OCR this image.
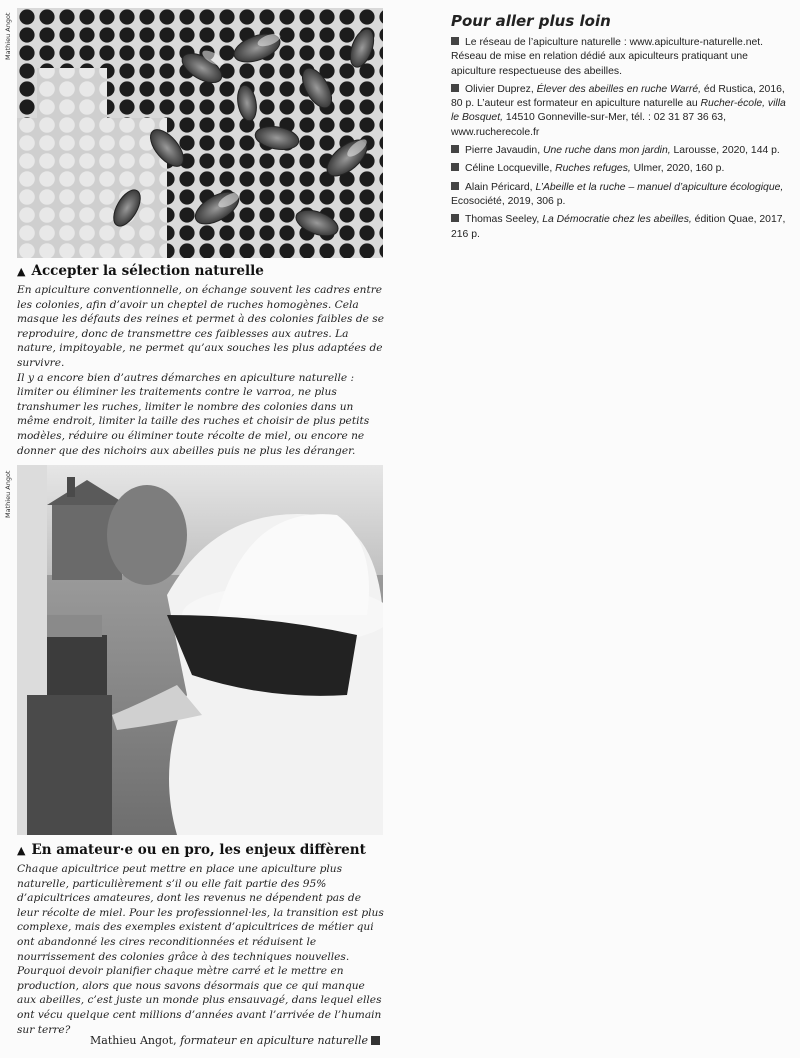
Mathieu Angot
▲ Accepter la sélection naturelle

En apiculture conventionnelle, on échange souvent les cadres entre les colonies, afin d’avoir un cheptel de ruches homogènes. Cela masque les défauts des reines et permet à des colonies faibles de se reproduire, donc de transmettre ces faiblesses aux autres. La nature, impitoyable, ne permet qu’aux souches les plus adaptées de survivre.

Il y a encore bien d’autres démarches en apiculture naturelle : limiter ou éliminer les traitements contre le varroa, ne plus transhumer les ruches, limiter le nombre des colonies dans un même endroit, limiter la taille des ruches et choisir de plus petits modèles, réduire ou éliminer toute récolte de miel, ou encore ne donner que des nichoirs aux abeilles puis ne plus les déranger.

Mathieu Angot
▲ En amateur·e ou en pro, les enjeux diffèrent

Chaque apicultrice peut mettre en place une apiculture plus naturelle, particulièrement s’il ou elle fait partie des 95% d’apicultrices amateures, dont les revenus ne dépendent pas de leur récolte de miel. Pour les professionnel·les, la transition est plus complexe, mais des exemples existent d’apicultrices de métier qui ont abandonné les cires reconditionnées et réduisent le nourrissement des colonies grâce à des techniques nouvelles. Pourquoi devoir planifier chaque mètre carré et le mettre en production, alors que nous savons désormais que ce qui manque aux abeilles, c’est juste un monde plus ensauvagé, dans lequel elles ont vécu quelque cent millions d’années avant l’arrivée de l’humain sur terre?

Mathieu Angot, formateur en apiculture naturelle
Pour aller plus loin

Le réseau de l’apiculture naturelle : www.apiculture-naturelle.net. Réseau de mise en relation dédié aux apiculteurs pratiquant une apiculture respectueuse des abeilles.

Olivier Duprez, Élever des abeilles en ruche Warré, éd Rustica, 2016, 80 p. L’auteur est formateur en apiculture naturelle au Rucher-école, villa le Bosquet, 14510 Gonneville-sur-Mer, tél. : 02 31 87 36 63, www.rucherecole.fr

Pierre Javaudin, Une ruche dans mon jardin, Larousse, 2020, 144 p.

Céline Locqueville, Ruches refuges, Ulmer, 2020, 160 p.

Alain Péricard, L’Abeille et la ruche – manuel d’apiculture écologique, Ecosociété, 2019, 306 p.

Thomas Seeley, La Démocratie chez les abeilles, édition Quae, 2017, 216 p.
